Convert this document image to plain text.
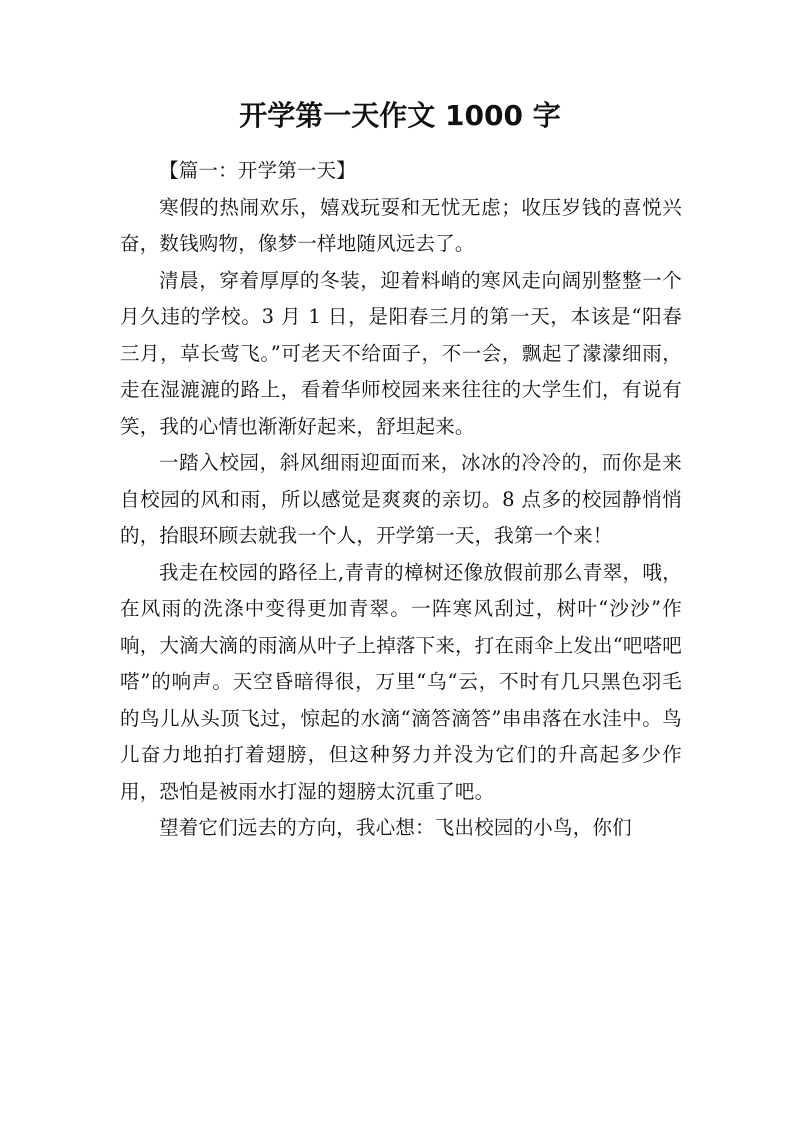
开学第一天作文 1000 字

【篇一：开学第一天】

寒假的热闹欢乐，嬉戏玩耍和无忧无虑；收压岁钱的喜悦兴奋，数钱购物，像梦一样地随风远去了。

清晨，穿着厚厚的冬装，迎着料峭的寒风走向阔别整整一个月久违的学校。3 月 1 日，是阳春三月的第一天，本该是“阳春三月，草长莺飞。”可老天不给面子，不一会，飘起了濛濛细雨，走在湿漉漉的路上，看着华师校园来来往往的大学生们，有说有笑，我的心情也渐渐好起来，舒坦起来。

一踏入校园，斜风细雨迎面而来，冰冰的冷冷的，而你是来自校园的风和雨，所以感觉是爽爽的亲切。8 点多的校园静悄悄的，抬眼环顾去就我一个人，开学第一天，我第一个来！

我走在校园的路径上,青青的樟树还像放假前那么青翠，哦，在风雨的洗涤中变得更加青翠。一阵寒风刮过，树叶“沙沙”作响，大滴大滴的雨滴从叶子上掉落下来，打在雨伞上发出“吧嗒吧嗒”的响声。天空昏暗得很，万里“乌“云，不时有几只黑色羽毛的鸟儿从头顶飞过，惊起的水滴“滴答滴答”串串落在水洼中。鸟儿奋力地拍打着翅膀，但这种努力并没为它们的升高起多少作用，恐怕是被雨水打湿的翅膀太沉重了吧。

望着它们远去的方向，我心想：飞出校园的小鸟，你们
